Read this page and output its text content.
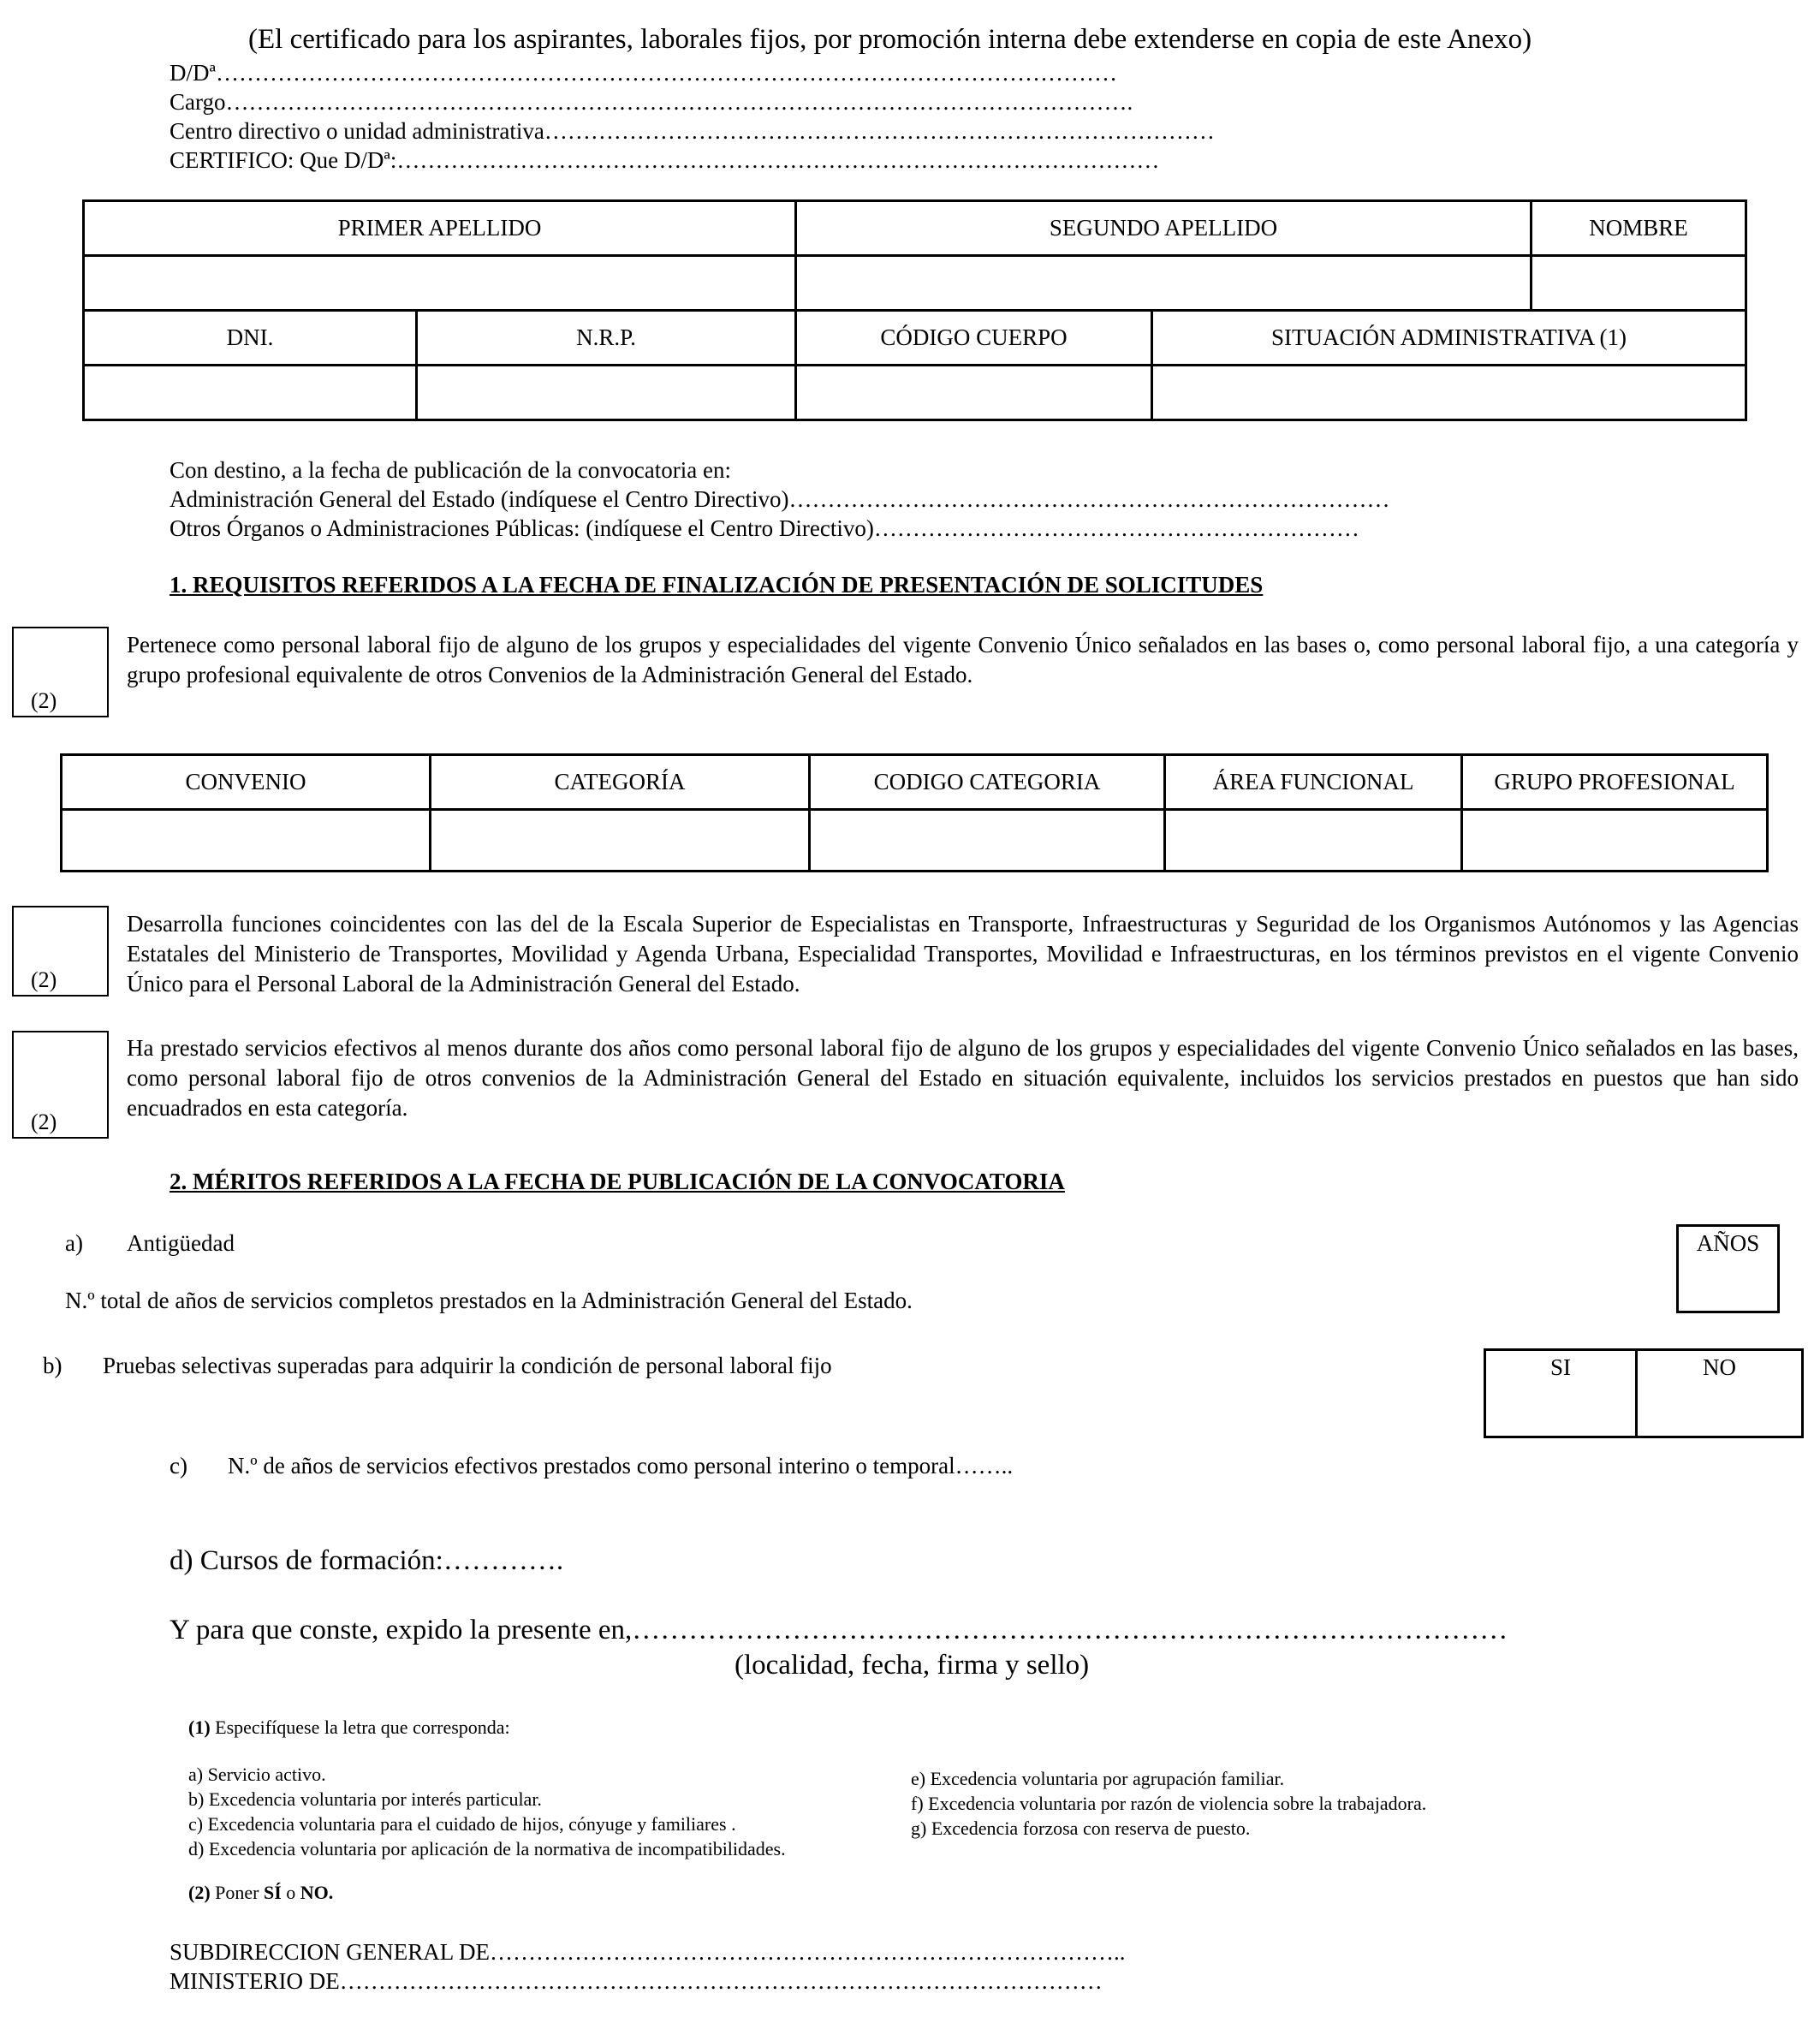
(El certificado para los aspirantes, laborales fijos, por promoción interna debe extenderse en copia de este Anexo)
D/Dª………………………………………………………………………………………………………
Cargo……………………………………………………………………………………………………….
Centro directivo o unidad administrativa……………………………………………………………………………
CERTIFICO: Que D/Dª:………………………………………………………………………………………
PRIMER APELLIDO		SEGUNDO APELLIDO		NOMBRE

DNI.	N.R.P.	CÓDIGO CUERPO	SITUACIÓN ADMINISTRATIVA (1)	

Con destino, a la fecha de publicación de la convocatoria en:
Administración General del Estado (indíquese el Centro Directivo)……………………………………………………………………
Otros Órganos o Administraciones Públicas: (indíquese el Centro Directivo)………………………………………………………
1. REQUISITOS REFERIDOS A LA FECHA DE FINALIZACIÓN DE PRESENTACIÓN DE SOLICITUDES
(2)
Pertenece como personal laboral fijo de alguno de los grupos y especialidades del vigente Convenio Único señalados en las bases o, como personal laboral fijo, a una categoría y grupo profesional equivalente de otros Convenios de la Administración General del Estado.
CONVENIO	CATEGORÍA	CODIGO CATEGORIA	ÁREA FUNCIONAL	GRUPO PROFESIONAL

(2)
Desarrolla funciones coincidentes con las del de la Escala Superior de Especialistas en Transporte, Infraestructuras y Seguridad de los Organismos Autónomos y las Agencias Estatales del Ministerio de Transportes, Movilidad y Agenda Urbana, Especialidad Transportes, Movilidad e Infraestructuras, en los términos previstos en el vigente Convenio Único para el Personal Laboral de la Administración General del Estado.
(2)
Ha prestado servicios efectivos al menos durante dos años como personal laboral fijo de alguno de los grupos y especialidades del vigente Convenio Único señalados en las bases, como personal laboral fijo de otros convenios de la Administración General del Estado en situación equivalente, incluidos los servicios prestados en puestos que han sido encuadrados en esta categoría.
2. MÉRITOS REFERIDOS A LA FECHA DE PUBLICACIÓN DE LA CONVOCATORIA
a) Antigüedad
N.º total de años de servicios completos prestados en la Administración General del Estado.
AÑOS
b) Pruebas selectivas superadas para adquirir la condición de personal laboral fijo	SI	NO
c) N.º de años de servicios efectivos prestados como personal interino o temporal……..
d) Cursos de formación:………….
Y para que conste, expido la presente en,…………………………………………………………………………………
(localidad, fecha, firma y sello)
(1) Especifíquese la letra que corresponda:
a) Servicio activo.
b) Excedencia voluntaria por interés particular.
c) Excedencia voluntaria para el cuidado de hijos, cónyuge y familiares .
d) Excedencia voluntaria por aplicación de la normativa de incompatibilidades.
e) Excedencia voluntaria por agrupación familiar.
f) Excedencia voluntaria por razón de violencia sobre la trabajadora.
g) Excedencia forzosa con reserva de puesto.
(2) Poner SÍ o NO.
SUBDIRECCION GENERAL DE………………………………………………………………………..
MINISTERIO DE………………………………………………………………………………………
